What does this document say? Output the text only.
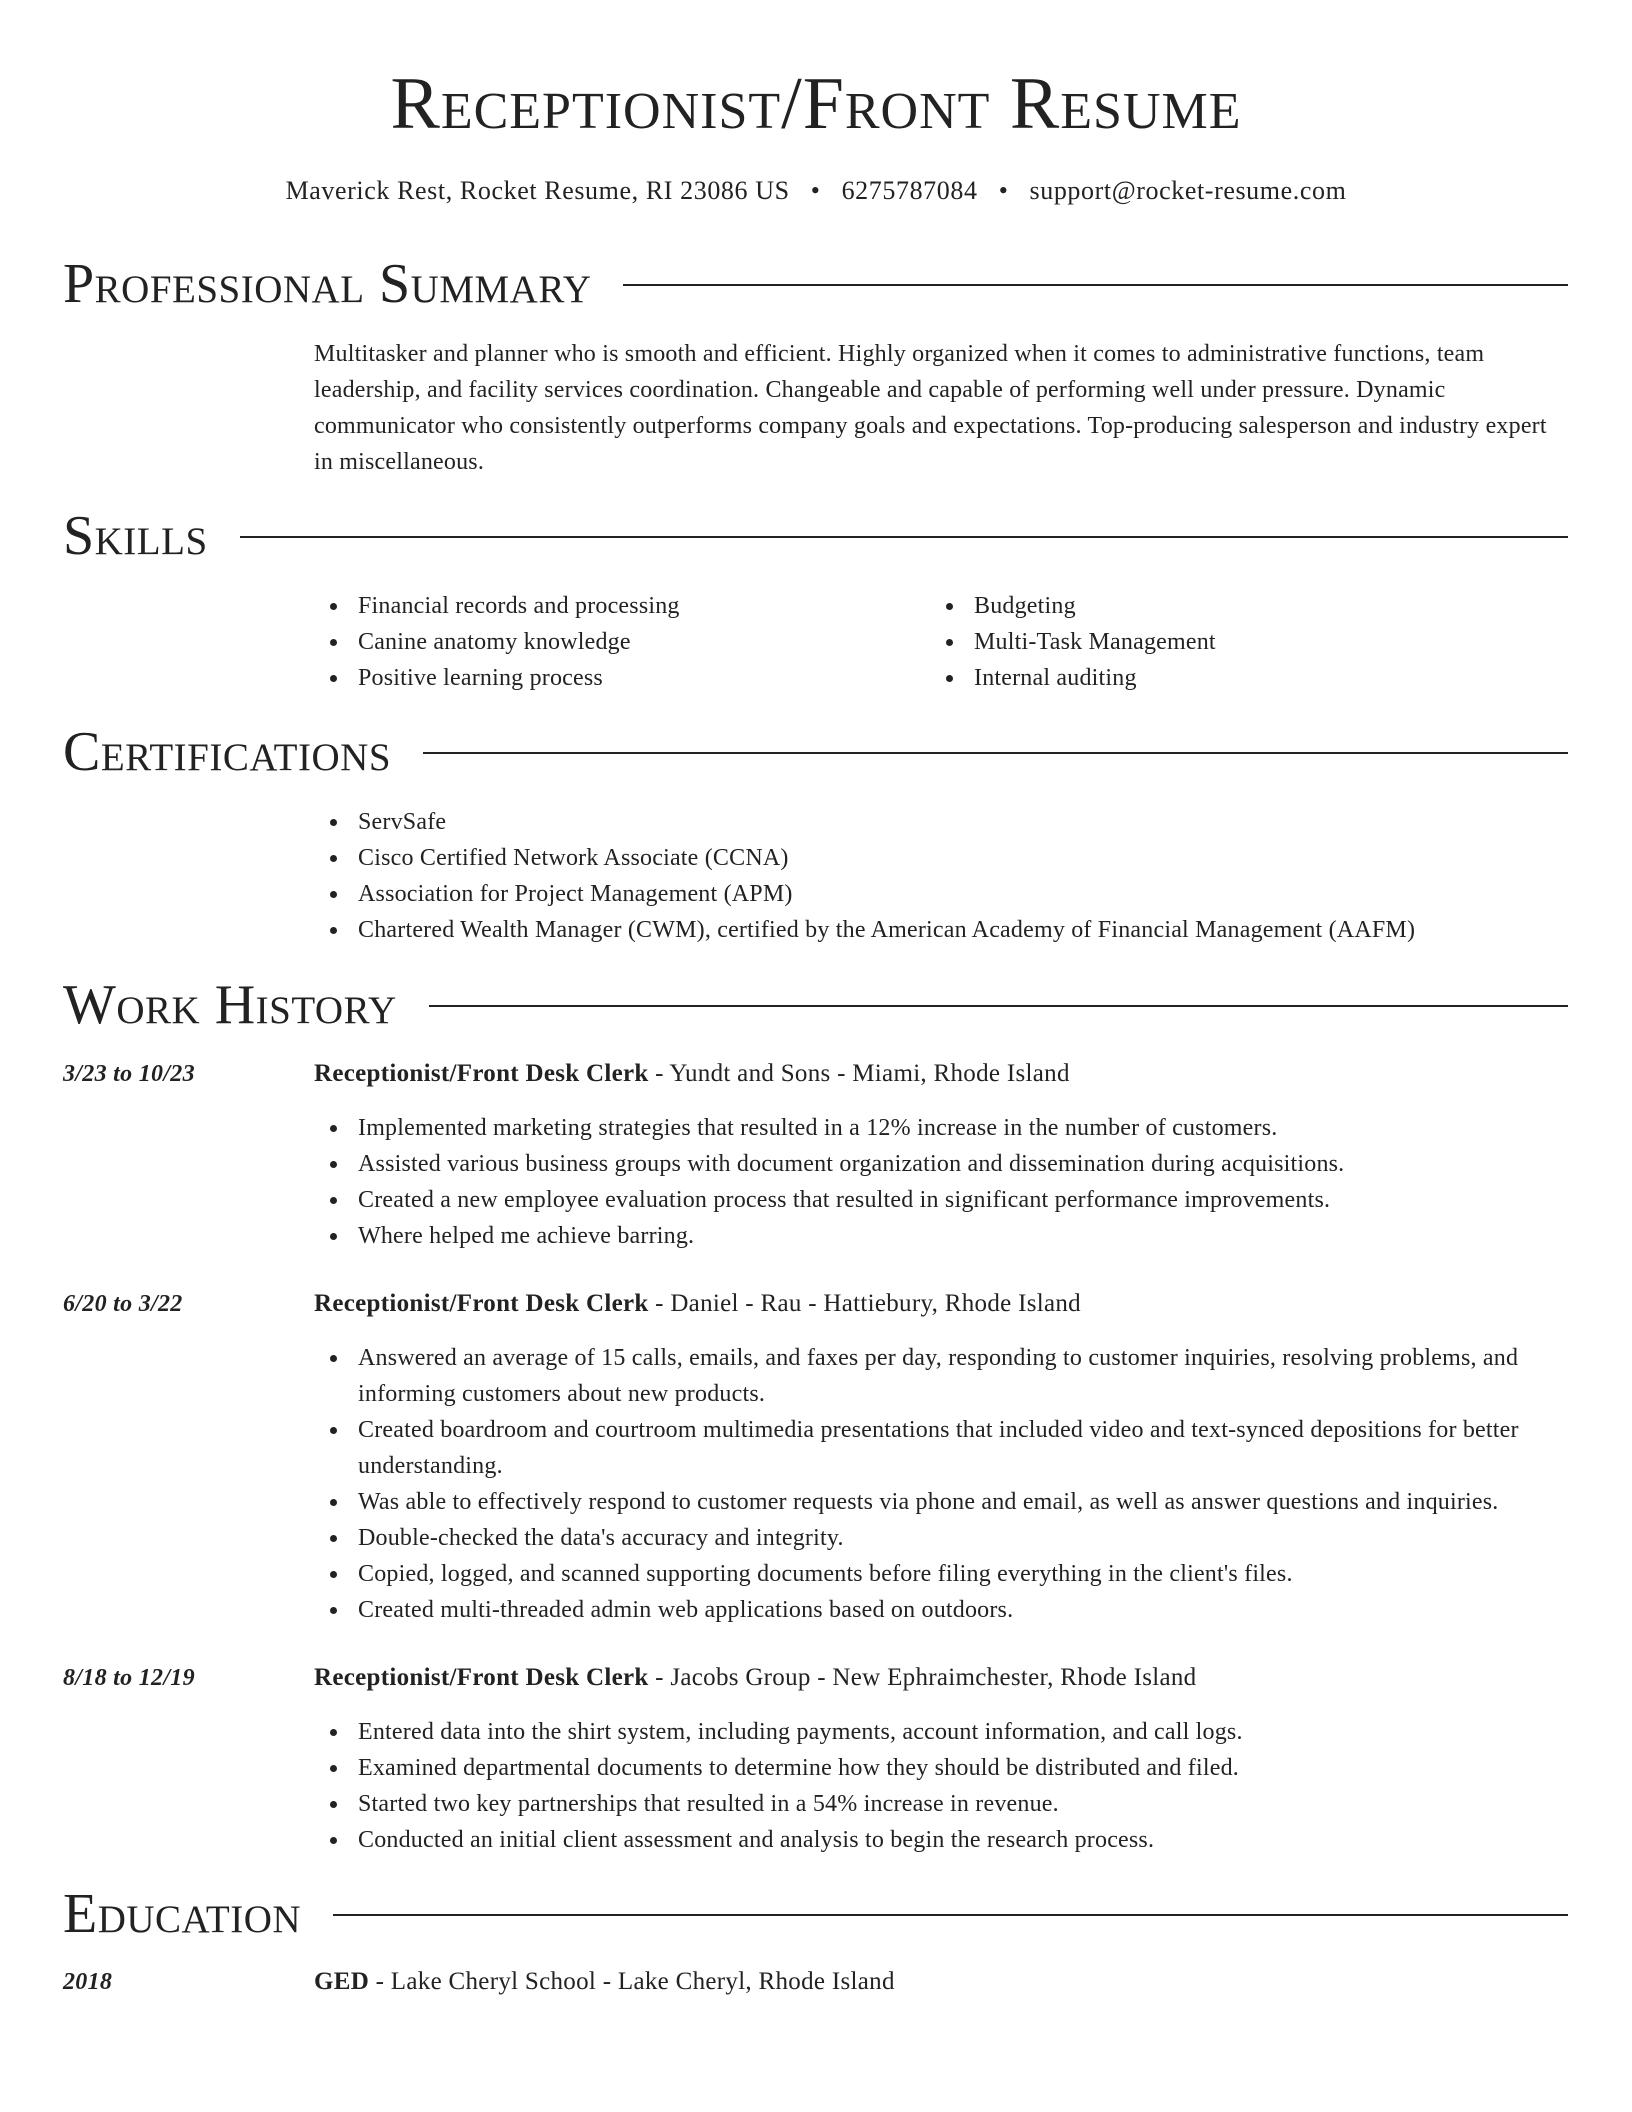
Receptionist/Front Resume
Maverick Rest, Rocket Resume, RI 23086 US • 6275787084 • support@rocket-resume.com
Professional Summary
Multitasker and planner who is smooth and efficient. Highly organized when it comes to administrative functions, team leadership, and facility services coordination. Changeable and capable of performing well under pressure. Dynamic communicator who consistently outperforms company goals and expectations. Top-producing salesperson and industry expert in miscellaneous.
Skills
Financial records and processing
Canine anatomy knowledge
Positive learning process
Budgeting
Multi-Task Management
Internal auditing
Certifications
ServSafe
Cisco Certified Network Associate (CCNA)
Association for Project Management (APM)
Chartered Wealth Manager (CWM), certified by the American Academy of Financial Management (AAFM)
Work History
3/23 to 10/23	Receptionist/Front Desk Clerk - Yundt and Sons - Miami, Rhode Island
Implemented marketing strategies that resulted in a 12% increase in the number of customers.
Assisted various business groups with document organization and dissemination during acquisitions.
Created a new employee evaluation process that resulted in significant performance improvements.
Where helped me achieve barring.
6/20 to 3/22	Receptionist/Front Desk Clerk - Daniel - Rau - Hattiebury, Rhode Island
Answered an average of 15 calls, emails, and faxes per day, responding to customer inquiries, resolving problems, and informing customers about new products.
Created boardroom and courtroom multimedia presentations that included video and text-synced depositions for better understanding.
Was able to effectively respond to customer requests via phone and email, as well as answer questions and inquiries.
Double-checked the data's accuracy and integrity.
Copied, logged, and scanned supporting documents before filing everything in the client's files.
Created multi-threaded admin web applications based on outdoors.
8/18 to 12/19	Receptionist/Front Desk Clerk - Jacobs Group - New Ephraimchester, Rhode Island
Entered data into the shirt system, including payments, account information, and call logs.
Examined departmental documents to determine how they should be distributed and filed.
Started two key partnerships that resulted in a 54% increase in revenue.
Conducted an initial client assessment and analysis to begin the research process.
Education
2018	GED - Lake Cheryl School - Lake Cheryl, Rhode Island
